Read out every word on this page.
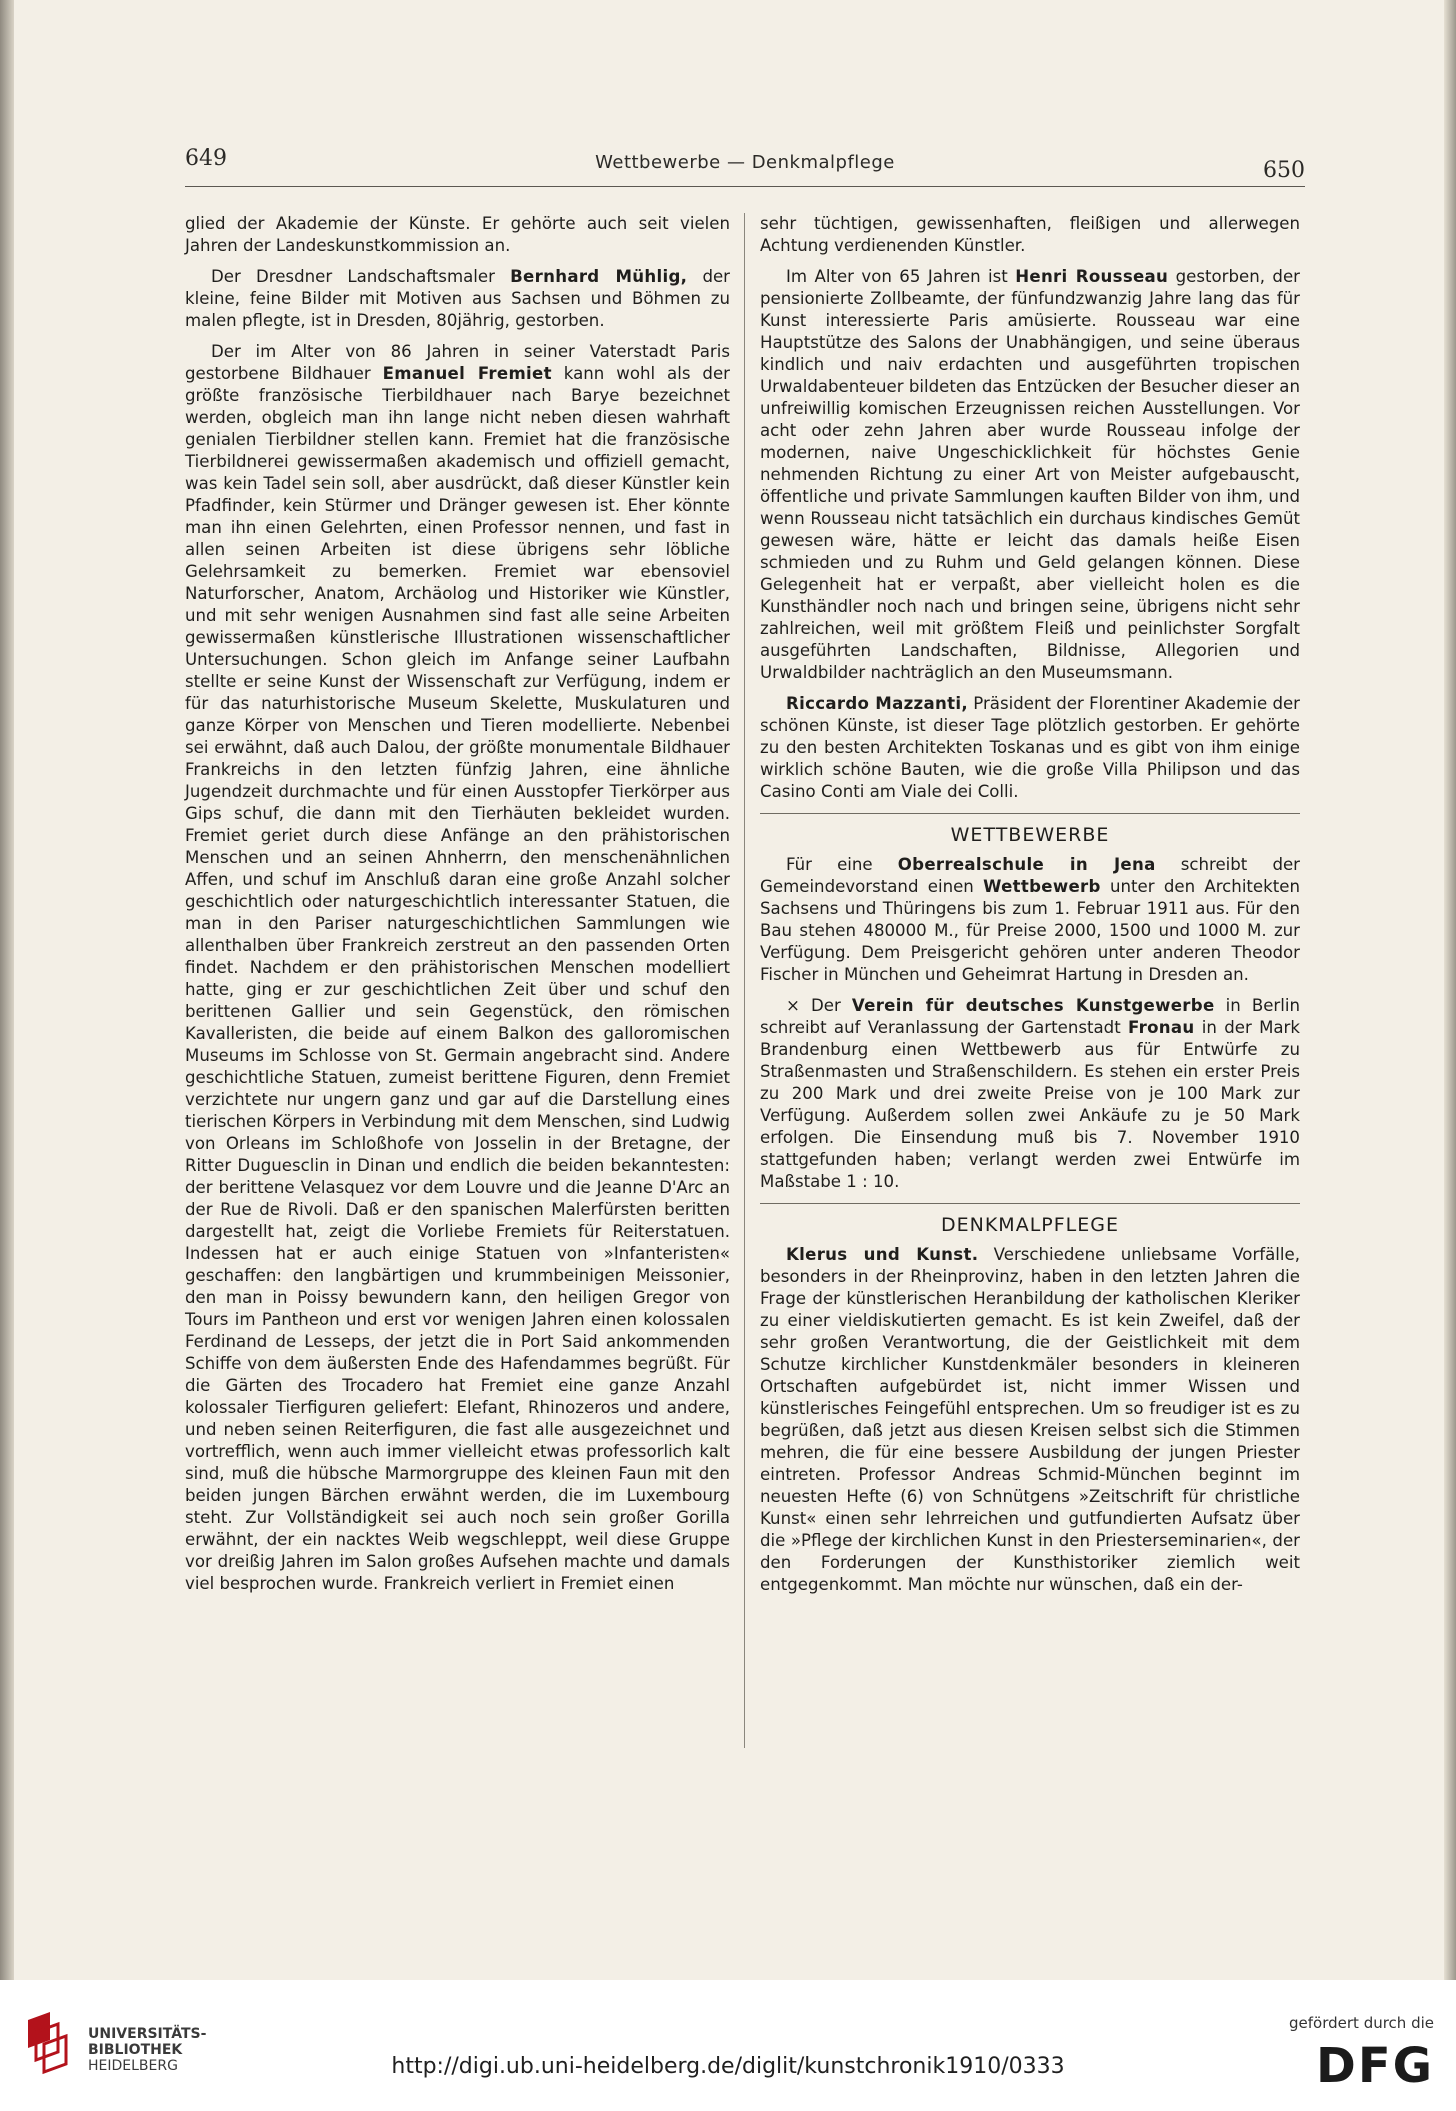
649	Wettbewerbe — Denkmalpflege	650

glied der Akademie der Künste. Er gehörte auch seit vielen Jahren der Landeskunstkommission an.

Der Dresdner Landschaftsmaler Bernhard Mühlig, der kleine, feine Bilder mit Motiven aus Sachsen und Böhmen zu malen pflegte, ist in Dresden, 80jährig, gestorben.

Der im Alter von 86 Jahren in seiner Vaterstadt Paris gestorbene Bildhauer Emanuel Fremiet kann wohl als der größte französische Tierbildhauer nach Barye bezeichnet werden, obgleich man ihn lange nicht neben diesen wahrhaft genialen Tierbildner stellen kann. Fremiet hat die französische Tierbildnerei gewissermaßen akademisch und offiziell gemacht, was kein Tadel sein soll, aber ausdrückt, daß dieser Künstler kein Pfadfinder, kein Stürmer und Dränger gewesen ist. Eher könnte man ihn einen Gelehrten, einen Professor nennen, und fast in allen seinen Arbeiten ist diese übrigens sehr löbliche Gelehrsamkeit zu bemerken. Fremiet war ebensoviel Naturforscher, Anatom, Archäolog und Historiker wie Künstler, und mit sehr wenigen Ausnahmen sind fast alle seine Arbeiten gewissermaßen künstlerische Illustrationen wissenschaftlicher Untersuchungen. Schon gleich im Anfange seiner Laufbahn stellte er seine Kunst der Wissenschaft zur Verfügung, indem er für das naturhistorische Museum Skelette, Muskulaturen und ganze Körper von Menschen und Tieren modellierte. Nebenbei sei erwähnt, daß auch Dalou, der größte monumentale Bildhauer Frankreichs in den letzten fünfzig Jahren, eine ähnliche Jugendzeit durchmachte und für einen Ausstopfer Tierkörper aus Gips schuf, die dann mit den Tierhäuten bekleidet wurden. Fremiet geriet durch diese Anfänge an den prähistorischen Menschen und an seinen Ahnherrn, den menschenähnlichen Affen, und schuf im Anschluß daran eine große Anzahl solcher geschichtlich oder naturgeschichtlich interessanter Statuen, die man in den Pariser naturgeschichtlichen Sammlungen wie allenthalben über Frankreich zerstreut an den passenden Orten findet. Nachdem er den prähistorischen Menschen modelliert hatte, ging er zur geschichtlichen Zeit über und schuf den berittenen Gallier und sein Gegenstück, den römischen Kavalleristen, die beide auf einem Balkon des galloromischen Museums im Schlosse von St. Germain angebracht sind. Andere geschichtliche Statuen, zumeist berittene Figuren, denn Fremiet verzichtete nur ungern ganz und gar auf die Darstellung eines tierischen Körpers in Verbindung mit dem Menschen, sind Ludwig von Orleans im Schloßhofe von Josselin in der Bretagne, der Ritter Duguesclin in Dinan und endlich die beiden bekanntesten: der berittene Velasquez vor dem Louvre und die Jeanne D'Arc an der Rue de Rivoli. Daß er den spanischen Malerfürsten beritten dargestellt hat, zeigt die Vorliebe Fremiets für Reiterstatuen. Indessen hat er auch einige Statuen von »Infanteristen« geschaffen: den langbärtigen und krummbeinigen Meissonier, den man in Poissy bewundern kann, den heiligen Gregor von Tours im Pantheon und erst vor wenigen Jahren einen kolossalen Ferdinand de Lesseps, der jetzt die in Port Said ankommenden Schiffe von dem äußersten Ende des Hafendammes begrüßt. Für die Gärten des Trocadero hat Fremiet eine ganze Anzahl kolossaler Tierfiguren geliefert: Elefant, Rhinozeros und andere, und neben seinen Reiterfiguren, die fast alle ausgezeichnet und vortrefflich, wenn auch immer vielleicht etwas professorlich kalt sind, muß die hübsche Marmorgruppe des kleinen Faun mit den beiden jungen Bärchen erwähnt werden, die im Luxembourg steht. Zur Vollständigkeit sei auch noch sein großer Gorilla erwähnt, der ein nacktes Weib wegschleppt, weil diese Gruppe vor dreißig Jahren im Salon großes Aufsehen machte und damals viel besprochen wurde. Frankreich verliert in Fremiet einen

sehr tüchtigen, gewissenhaften, fleißigen und allerwegen Achtung verdienenden Künstler.

Im Alter von 65 Jahren ist Henri Rousseau gestorben, der pensionierte Zollbeamte, der fünfundzwanzig Jahre lang das für Kunst interessierte Paris amüsierte. Rousseau war eine Hauptstütze des Salons der Unabhängigen, und seine überaus kindlich und naiv erdachten und ausgeführten tropischen Urwaldabenteuer bildeten das Entzücken der Besucher dieser an unfreiwillig komischen Erzeugnissen reichen Ausstellungen. Vor acht oder zehn Jahren aber wurde Rousseau infolge der modernen, naive Ungeschicklichkeit für höchstes Genie nehmenden Richtung zu einer Art von Meister aufgebauscht, öffentliche und private Sammlungen kauften Bilder von ihm, und wenn Rousseau nicht tatsächlich ein durchaus kindisches Gemüt gewesen wäre, hätte er leicht das damals heiße Eisen schmieden und zu Ruhm und Geld gelangen können. Diese Gelegenheit hat er verpaßt, aber vielleicht holen es die Kunsthändler noch nach und bringen seine, übrigens nicht sehr zahlreichen, weil mit größtem Fleiß und peinlichster Sorgfalt ausgeführten Landschaften, Bildnisse, Allegorien und Urwaldbilder nachträglich an den Museumsmann.

Riccardo Mazzanti, Präsident der Florentiner Akademie der schönen Künste, ist dieser Tage plötzlich gestorben. Er gehörte zu den besten Architekten Toskanas und es gibt von ihm einige wirklich schöne Bauten, wie die große Villa Philipson und das Casino Conti am Viale dei Colli.

WETTBEWERBE

Für eine Oberrealschule in Jena schreibt der Gemeindevorstand einen Wettbewerb unter den Architekten Sachsens und Thüringens bis zum 1. Februar 1911 aus. Für den Bau stehen 480000 M., für Preise 2000, 1500 und 1000 M. zur Verfügung. Dem Preisgericht gehören unter anderen Theodor Fischer in München und Geheimrat Hartung in Dresden an.

× Der Verein für deutsches Kunstgewerbe in Berlin schreibt auf Veranlassung der Gartenstadt Fronau in der Mark Brandenburg einen Wettbewerb aus für Entwürfe zu Straßenmasten und Straßenschildern. Es stehen ein erster Preis zu 200 Mark und drei zweite Preise von je 100 Mark zur Verfügung. Außerdem sollen zwei Ankäufe zu je 50 Mark erfolgen. Die Einsendung muß bis 7. November 1910 stattgefunden haben; verlangt werden zwei Entwürfe im Maßstabe 1 : 10.

DENKMALPFLEGE

Klerus und Kunst. Verschiedene unliebsame Vorfälle, besonders in der Rheinprovinz, haben in den letzten Jahren die Frage der künstlerischen Heranbildung der katholischen Kleriker zu einer vieldiskutierten gemacht. Es ist kein Zweifel, daß der sehr großen Verantwortung, die der Geistlichkeit mit dem Schutze kirchlicher Kunstdenkmäler besonders in kleineren Ortschaften aufgebürdet ist, nicht immer Wissen und künstlerisches Feingefühl entsprechen. Um so freudiger ist es zu begrüßen, daß jetzt aus diesen Kreisen selbst sich die Stimmen mehren, die für eine bessere Ausbildung der jungen Priester eintreten. Professor Andreas Schmid-München beginnt im neuesten Hefte (6) von Schnütgens »Zeitschrift für christliche Kunst« einen sehr lehrreichen und gutfundierten Aufsatz über die »Pflege der kirchlichen Kunst in den Priesterseminarien«, der den Forderungen der Kunsthistoriker ziemlich weit entgegenkommt. Man möchte nur wünschen, daß ein der-

UNIVERSITÄTS-
BIBLIOTHEK
HEIDELBERG	http://digi.ub.uni-heidelberg.de/diglit/kunstchronik1910/0333
gefördert durch die
DFG
